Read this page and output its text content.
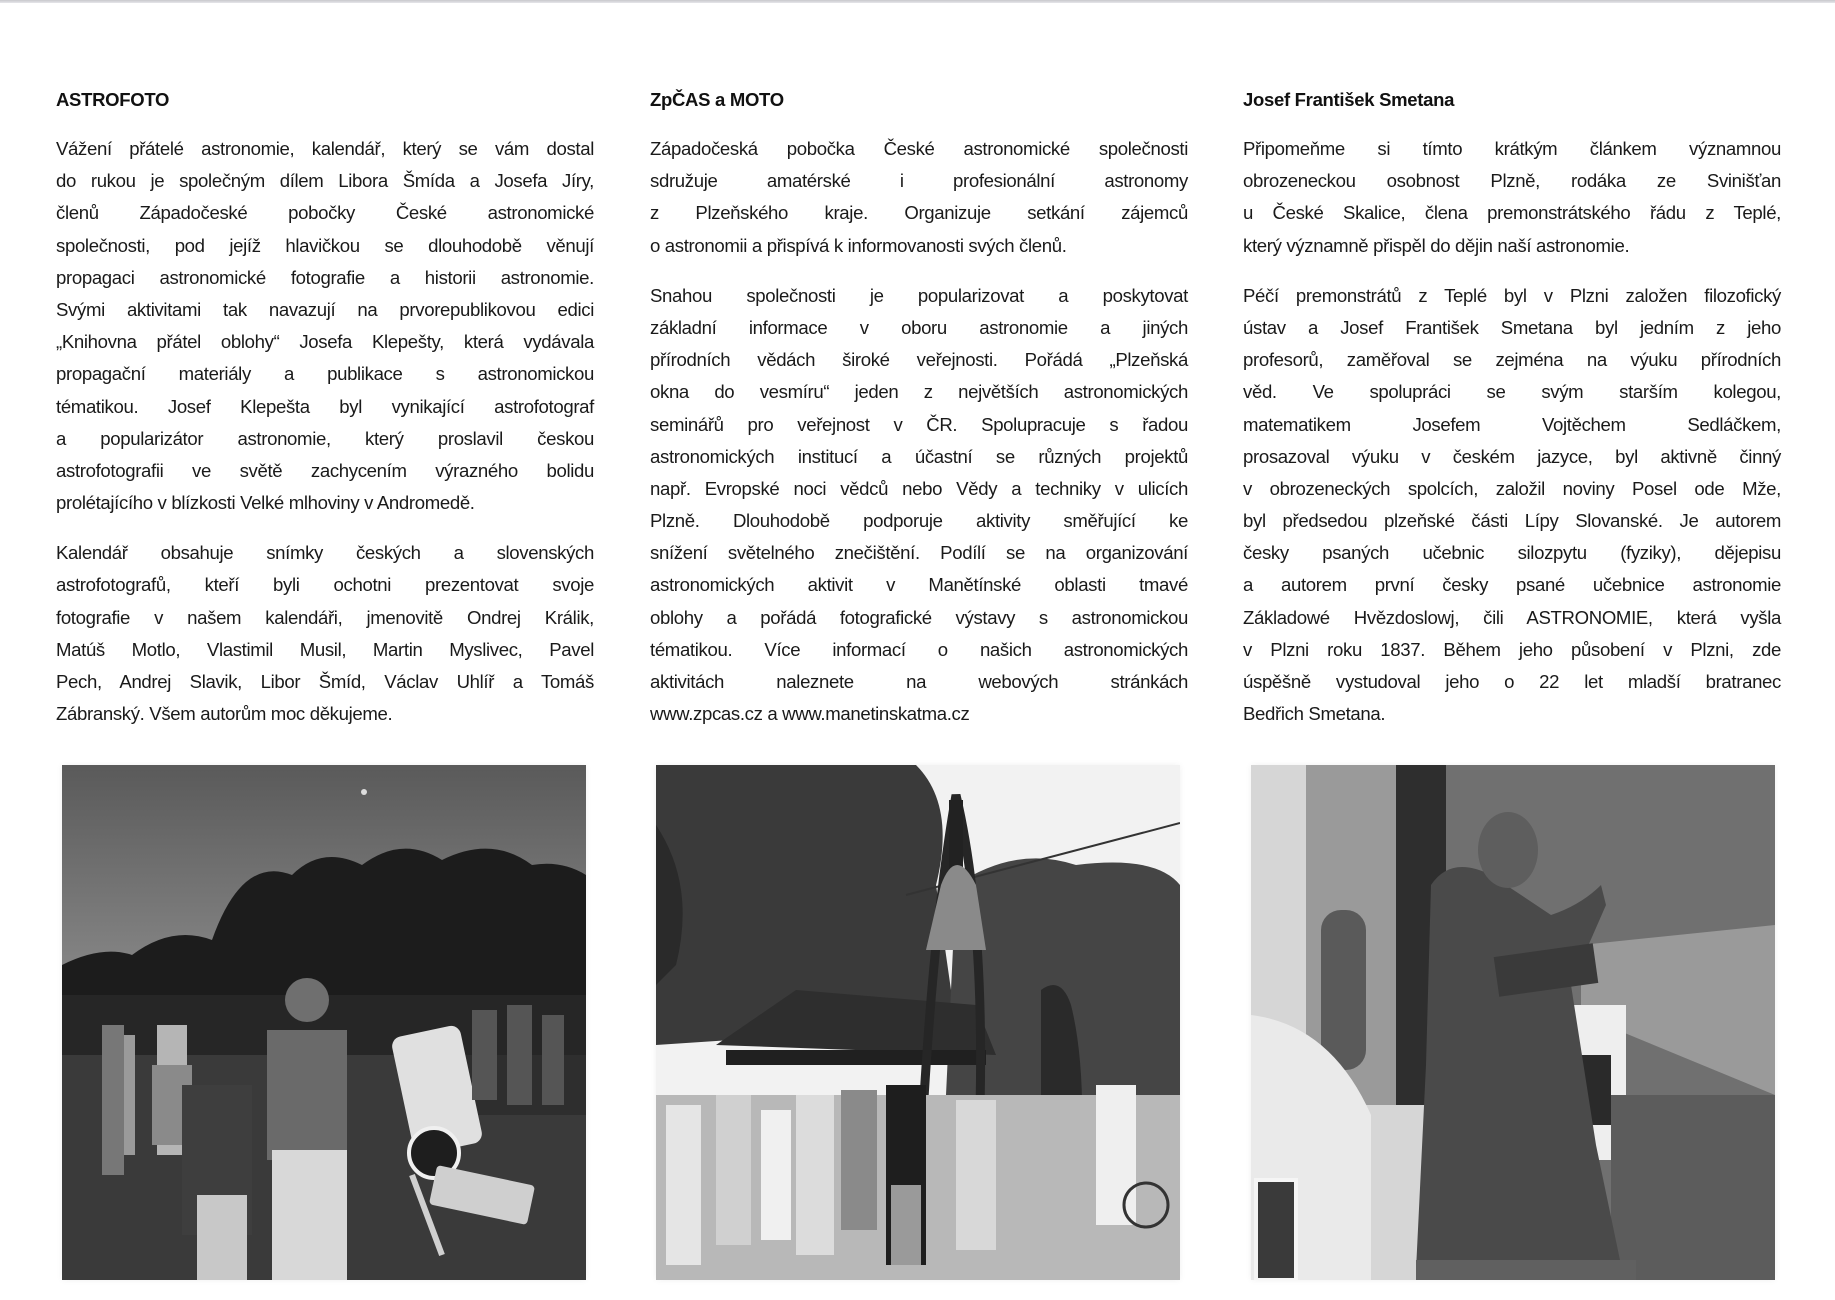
ASTROFOTO

Vážení přátelé astronomie, kalendář, který se vám dostal
do rukou je společným dílem Libora Šmída a Josefa Jíry,
členů Západočeské pobočky České astronomické
společnosti, pod jejíž hlavičkou se dlouhodobě věnují
propagaci astronomické fotografie a historii astronomie.
Svými aktivitami tak navazují na prvorepublikovou edici
„Knihovna přátel oblohy“ Josefa Klepešty, která vydávala
propagační materiály a publikace s astronomickou
tématikou. Josef Klepešta byl vynikající astrofotograf
a popularizátor astronomie, který proslavil českou
astrofotografii ve světě zachycením výrazného bolidu
prolétajícího v blízkosti Velké mlhoviny v Andromedě.

Kalendář obsahuje snímky českých a slovenských
astrofotografů, kteří byli ochotni prezentovat svoje
fotografie v našem kalendáři, jmenovitě Ondrej Králik,
Matúš Motlo, Vlastimil Musil, Martin Myslivec, Pavel
Pech, Andrej Slavik, Libor Šmíd, Václav Uhlíř a Tomáš
Zábranský. Všem autorům moc děkujeme.

ZpČAS a MOTO

Západočeská pobočka České astronomické společnosti
sdružuje amatérské i profesionální astronomy
z Plzeňského kraje. Organizuje setkání zájemců
o astronomii a přispívá k informovanosti svých členů.

Snahou společnosti je popularizovat a poskytovat
základní informace v oboru astronomie a jiných
přírodních vědách široké veřejnosti. Pořádá „Plzeňská
okna do vesmíru“ jeden z největších astronomických
seminářů pro veřejnost v ČR. Spolupracuje s řadou
astronomických institucí a účastní se různých projektů
např. Evropské noci vědců nebo Vědy a techniky v ulicích
Plzně. Dlouhodobě podporuje aktivity směřující ke
snížení světelného znečištění. Podílí se na organizování
astronomických aktivit v Manětínské oblasti tmavé
oblohy a pořádá fotografické výstavy s astronomickou
tématikou. Více informací o našich astronomických
aktivitách naleznete na webových stránkách
www.zpcas.cz a www.manetinskatma.cz

Josef František Smetana

Připomeňme si tímto krátkým článkem významnou
obrozeneckou osobnost Plzně, rodáka ze Svinišťan
u České Skalice, člena premonstrátského řádu z Teplé,
který významně přispěl do dějin naší astronomie.

Péčí premonstrátů z Teplé byl v Plzni založen filozofický
ústav a Josef František Smetana byl jedním z jeho
profesorů, zaměřoval se zejména na výuku přírodních
věd. Ve spolupráci se svým starším kolegou,
matematikem Josefem Vojtěchem Sedláčkem,
prosazoval výuku v českém jazyce, byl aktivně činný
v obrozeneckých spolcích, založil noviny Posel ode Mže,
byl předsedou plzeňské části Lípy Slovanské. Je autorem
česky psaných učebnic silozpytu (fyziky), dějepisu
a autorem první česky psané učebnice astronomie
Základowé Hvězdoslowj, čili ASTRONOMIE, která vyšla
v Plzni roku 1837. Během jeho působení v Plzni, zde
úspěšně vystudoval jeho o 22 let mladší bratranec
Bedřich Smetana.
